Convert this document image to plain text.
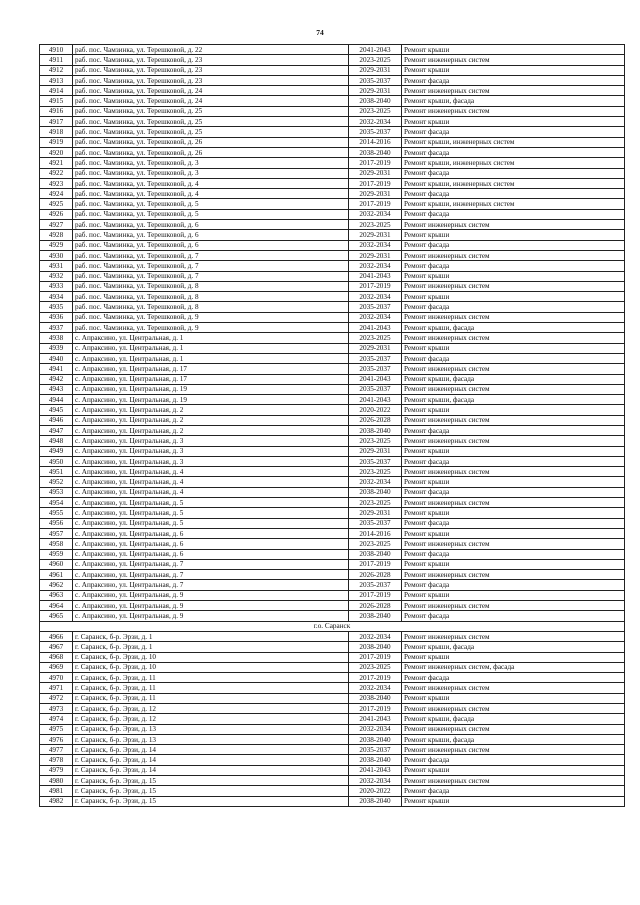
74
4910	раб. пос. Чамзинка, ул. Терешковой, д. 22	2041-2043	Ремонт крыши
4911	раб. пос. Чамзинка, ул. Терешковой, д. 23	2023-2025	Ремонт инженерных систем
4912	раб. пос. Чамзинка, ул. Терешковой, д. 23	2029-2031	Ремонт крыши
4913	раб. пос. Чамзинка, ул. Терешковой, д. 23	2035-2037	Ремонт фасада
4914	раб. пос. Чамзинка, ул. Терешковой, д. 24	2029-2031	Ремонт инженерных систем
4915	раб. пос. Чамзинка, ул. Терешковой, д. 24	2038-2040	Ремонт крыши, фасада
4916	раб. пос. Чамзинка, ул. Терешковой, д. 25	2023-2025	Ремонт инженерных систем
4917	раб. пос. Чамзинка, ул. Терешковой, д. 25	2032-2034	Ремонт крыши
4918	раб. пос. Чамзинка, ул. Терешковой, д. 25	2035-2037	Ремонт фасада
4919	раб. пос. Чамзинка, ул. Терешковой, д. 26	2014-2016	Ремонт крыши, инженерных систем
4920	раб. пос. Чамзинка, ул. Терешковой, д. 26	2038-2040	Ремонт фасада
4921	раб. пос. Чамзинка, ул. Терешковой, д. 3	2017-2019	Ремонт крыши, инженерных систем
4922	раб. пос. Чамзинка, ул. Терешковой, д. 3	2029-2031	Ремонт фасада
4923	раб. пос. Чамзинка, ул. Терешковой, д. 4	2017-2019	Ремонт крыши, инженерных систем
4924	раб. пос. Чамзинка, ул. Терешковой, д. 4	2029-2031	Ремонт фасада
4925	раб. пос. Чамзинка, ул. Терешковой, д. 5	2017-2019	Ремонт крыши, инженерных систем
4926	раб. пос. Чамзинка, ул. Терешковой, д. 5	2032-2034	Ремонт фасада
4927	раб. пос. Чамзинка, ул. Терешковой, д. 6	2023-2025	Ремонт инженерных систем
4928	раб. пос. Чамзинка, ул. Терешковой, д. 6	2029-2031	Ремонт крыши
4929	раб. пос. Чамзинка, ул. Терешковой, д. 6	2032-2034	Ремонт фасада
4930	раб. пос. Чамзинка, ул. Терешковой, д. 7	2029-2031	Ремонт инженерных систем
4931	раб. пос. Чамзинка, ул. Терешковой, д. 7	2032-2034	Ремонт фасада
4932	раб. пос. Чамзинка, ул. Терешковой, д. 7	2041-2043	Ремонт крыши
4933	раб. пос. Чамзинка, ул. Терешковой, д. 8	2017-2019	Ремонт инженерных систем
4934	раб. пос. Чамзинка, ул. Терешковой, д. 8	2032-2034	Ремонт крыши
4935	раб. пос. Чамзинка, ул. Терешковой, д. 8	2035-2037	Ремонт фасада
4936	раб. пос. Чамзинка, ул. Терешковой, д. 9	2032-2034	Ремонт инженерных систем
4937	раб. пос. Чамзинка, ул. Терешковой, д. 9	2041-2043	Ремонт крыши, фасада
4938	с. Апраксино, ул. Центральная, д. 1	2023-2025	Ремонт инженерных систем
4939	с. Апраксино, ул. Центральная, д. 1	2029-2031	Ремонт крыши
4940	с. Апраксино, ул. Центральная, д. 1	2035-2037	Ремонт фасада
4941	с. Апраксино, ул. Центральная, д. 17	2035-2037	Ремонт инженерных систем
4942	с. Апраксино, ул. Центральная, д. 17	2041-2043	Ремонт крыши, фасада
4943	с. Апраксино, ул. Центральная, д. 19	2035-2037	Ремонт инженерных систем
4944	с. Апраксино, ул. Центральная, д. 19	2041-2043	Ремонт крыши, фасада
4945	с. Апраксино, ул. Центральная, д. 2	2020-2022	Ремонт крыши
4946	с. Апраксино, ул. Центральная, д. 2	2026-2028	Ремонт инженерных систем
4947	с. Апраксино, ул. Центральная, д. 2	2038-2040	Ремонт фасада
4948	с. Апраксино, ул. Центральная, д. 3	2023-2025	Ремонт инженерных систем
4949	с. Апраксино, ул. Центральная, д. 3	2029-2031	Ремонт крыши
4950	с. Апраксино, ул. Центральная, д. 3	2035-2037	Ремонт фасада
4951	с. Апраксино, ул. Центральная, д. 4	2023-2025	Ремонт инженерных систем
4952	с. Апраксино, ул. Центральная, д. 4	2032-2034	Ремонт крыши
4953	с. Апраксино, ул. Центральная, д. 4	2038-2040	Ремонт фасада
4954	с. Апраксино, ул. Центральная, д. 5	2023-2025	Ремонт инженерных систем
4955	с. Апраксино, ул. Центральная, д. 5	2029-2031	Ремонт крыши
4956	с. Апраксино, ул. Центральная, д. 5	2035-2037	Ремонт фасада
4957	с. Апраксино, ул. Центральная, д. 6	2014-2016	Ремонт крыши
4958	с. Апраксино, ул. Центральная, д. 6	2023-2025	Ремонт инженерных систем
4959	с. Апраксино, ул. Центральная, д. 6	2038-2040	Ремонт фасада
4960	с. Апраксино, ул. Центральная, д. 7	2017-2019	Ремонт крыши
4961	с. Апраксино, ул. Центральная, д. 7	2026-2028	Ремонт инженерных систем
4962	с. Апраксино, ул. Центральная, д. 7	2035-2037	Ремонт фасада
4963	с. Апраксино, ул. Центральная, д. 9	2017-2019	Ремонт крыши
4964	с. Апраксино, ул. Центральная, д. 9	2026-2028	Ремонт инженерных систем
4965	с. Апраксино, ул. Центральная, д. 9	2038-2040	Ремонт фасада
г.о. Саранск			
4966	г. Саранск, б-р. Эрзи, д. 1	2032-2034	Ремонт инженерных систем
4967	г. Саранск, б-р. Эрзи, д. 1	2038-2040	Ремонт крыши, фасада
4968	г. Саранск, б-р. Эрзи, д. 10	2017-2019	Ремонт крыши
4969	г. Саранск, б-р. Эрзи, д. 10	2023-2025	Ремонт инженерных систем, фасада
4970	г. Саранск, б-р. Эрзи, д. 11	2017-2019	Ремонт фасада
4971	г. Саранск, б-р. Эрзи, д. 11	2032-2034	Ремонт инженерных систем
4972	г. Саранск, б-р. Эрзи, д. 11	2038-2040	Ремонт крыши
4973	г. Саранск, б-р. Эрзи, д. 12	2017-2019	Ремонт инженерных систем
4974	г. Саранск, б-р. Эрзи, д. 12	2041-2043	Ремонт крыши, фасада
4975	г. Саранск, б-р. Эрзи, д. 13	2032-2034	Ремонт инженерных систем
4976	г. Саранск, б-р. Эрзи, д. 13	2038-2040	Ремонт крыши, фасада
4977	г. Саранск, б-р. Эрзи, д. 14	2035-2037	Ремонт инженерных систем
4978	г. Саранск, б-р. Эрзи, д. 14	2038-2040	Ремонт фасада
4979	г. Саранск, б-р. Эрзи, д. 14	2041-2043	Ремонт крыши
4980	г. Саранск, б-р. Эрзи, д. 15	2032-2034	Ремонт инженерных систем
4981	г. Саранск, б-р. Эрзи, д. 15	2020-2022	Ремонт фасада
4982	г. Саранск, б-р. Эрзи, д. 15	2038-2040	Ремонт крыши
